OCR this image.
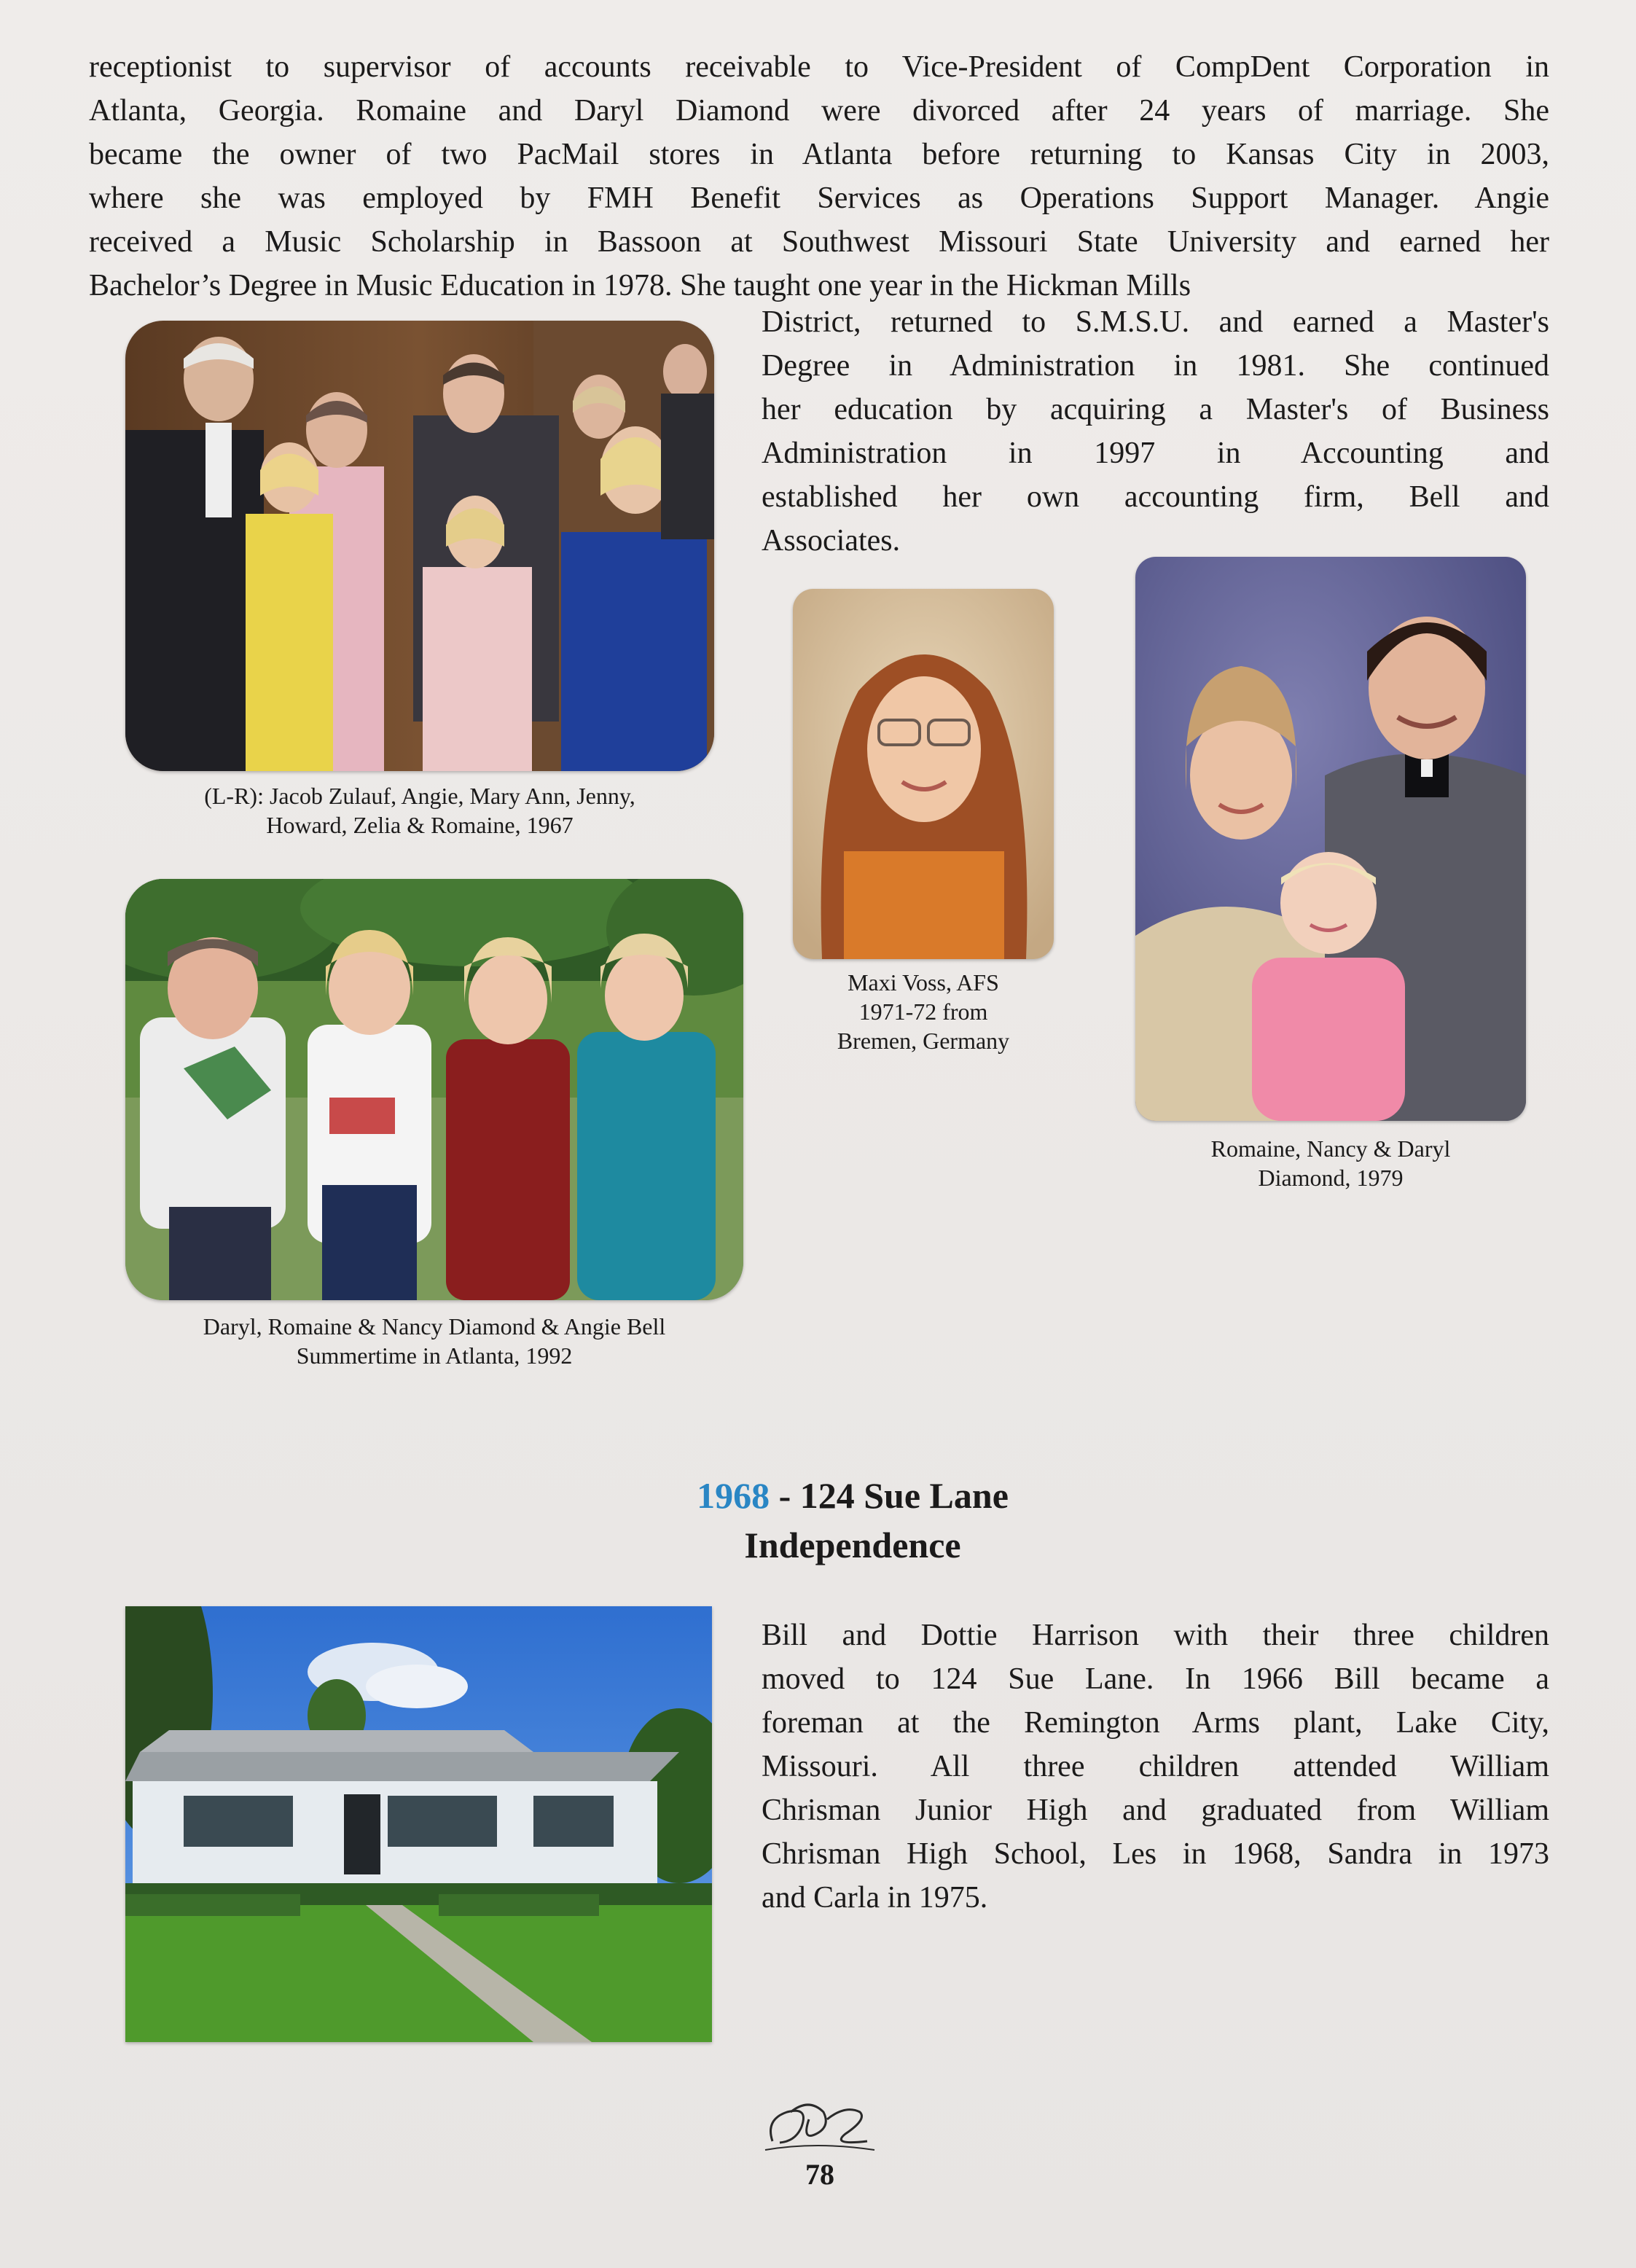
receptionist to supervisor of accounts receivable to Vice-President of CompDent Corporation in
Atlanta, Georgia. Romaine and Daryl Diamond were divorced after 24 years of marriage. She
became the owner of two PacMail stores in Atlanta before returning to Kansas City in 2003,
where she was employed by FMH Benefit Services as Operations Support Manager. Angie
received a Music Scholarship in Bassoon at Southwest Missouri State University and earned her
Bachelor’s Degree in Music Education in 1978. She taught one year in the Hickman Mills
District, returned to S.M.S.U. and earned a Master's
Degree in Administration in 1981. She continued
her education by acquiring a Master's of Business
Administration in 1997 in Accounting and
established her own accounting firm, Bell and
Associates.

(L-R): Jacob Zulauf, Angie, Mary Ann, Jenny,
Howard, Zelia & Romaine, 1967

Maxi Voss, AFS
1971-72 from
Bremen, Germany

Romaine, Nancy & Daryl
Diamond, 1979

Daryl, Romaine & Nancy Diamond & Angie Bell
Summertime in Atlanta, 1992

1968 - 124 Sue Lane
Independence
Bill and Dottie Harrison with their three children
moved to 124 Sue Lane. In 1966 Bill became a
foreman at the Remington Arms plant, Lake City,
Missouri. All three children attended William
Chrisman Junior High and graduated from William
Chrisman High School, Les in 1968, Sandra in 1973
and Carla in 1975.
78
